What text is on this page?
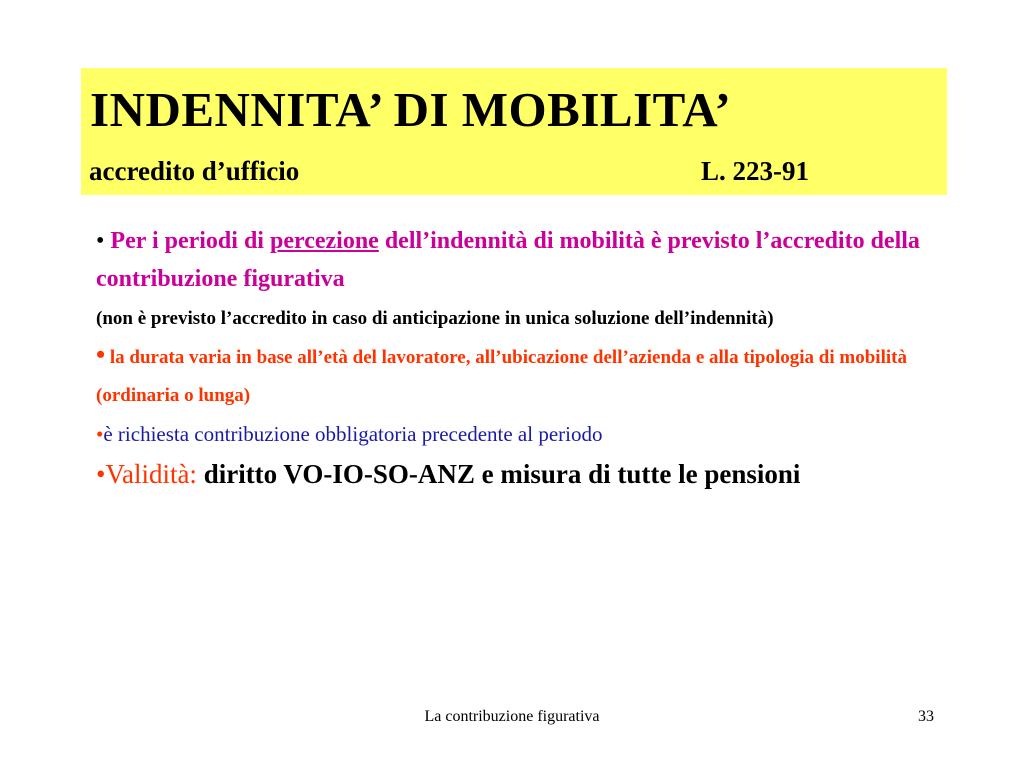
INDENNITA’ DI MOBILITA’
accredito d’ufficio	L. 223-91

• Per i periodi di percezione dell’indennità di mobilità è previsto l’accredito della contribuzione figurativa

(non è previsto l’accredito in caso di anticipazione in unica soluzione dell’indennità)

• la durata varia in base all’età del lavoratore, all’ubicazione dell’azienda e alla tipologia di mobilità (ordinaria o lunga)

•è richiesta contribuzione obbligatoria precedente al periodo

•Validità: diritto VO-IO-SO-ANZ e misura di tutte le pensioni

La contribuzione figurativa	33
